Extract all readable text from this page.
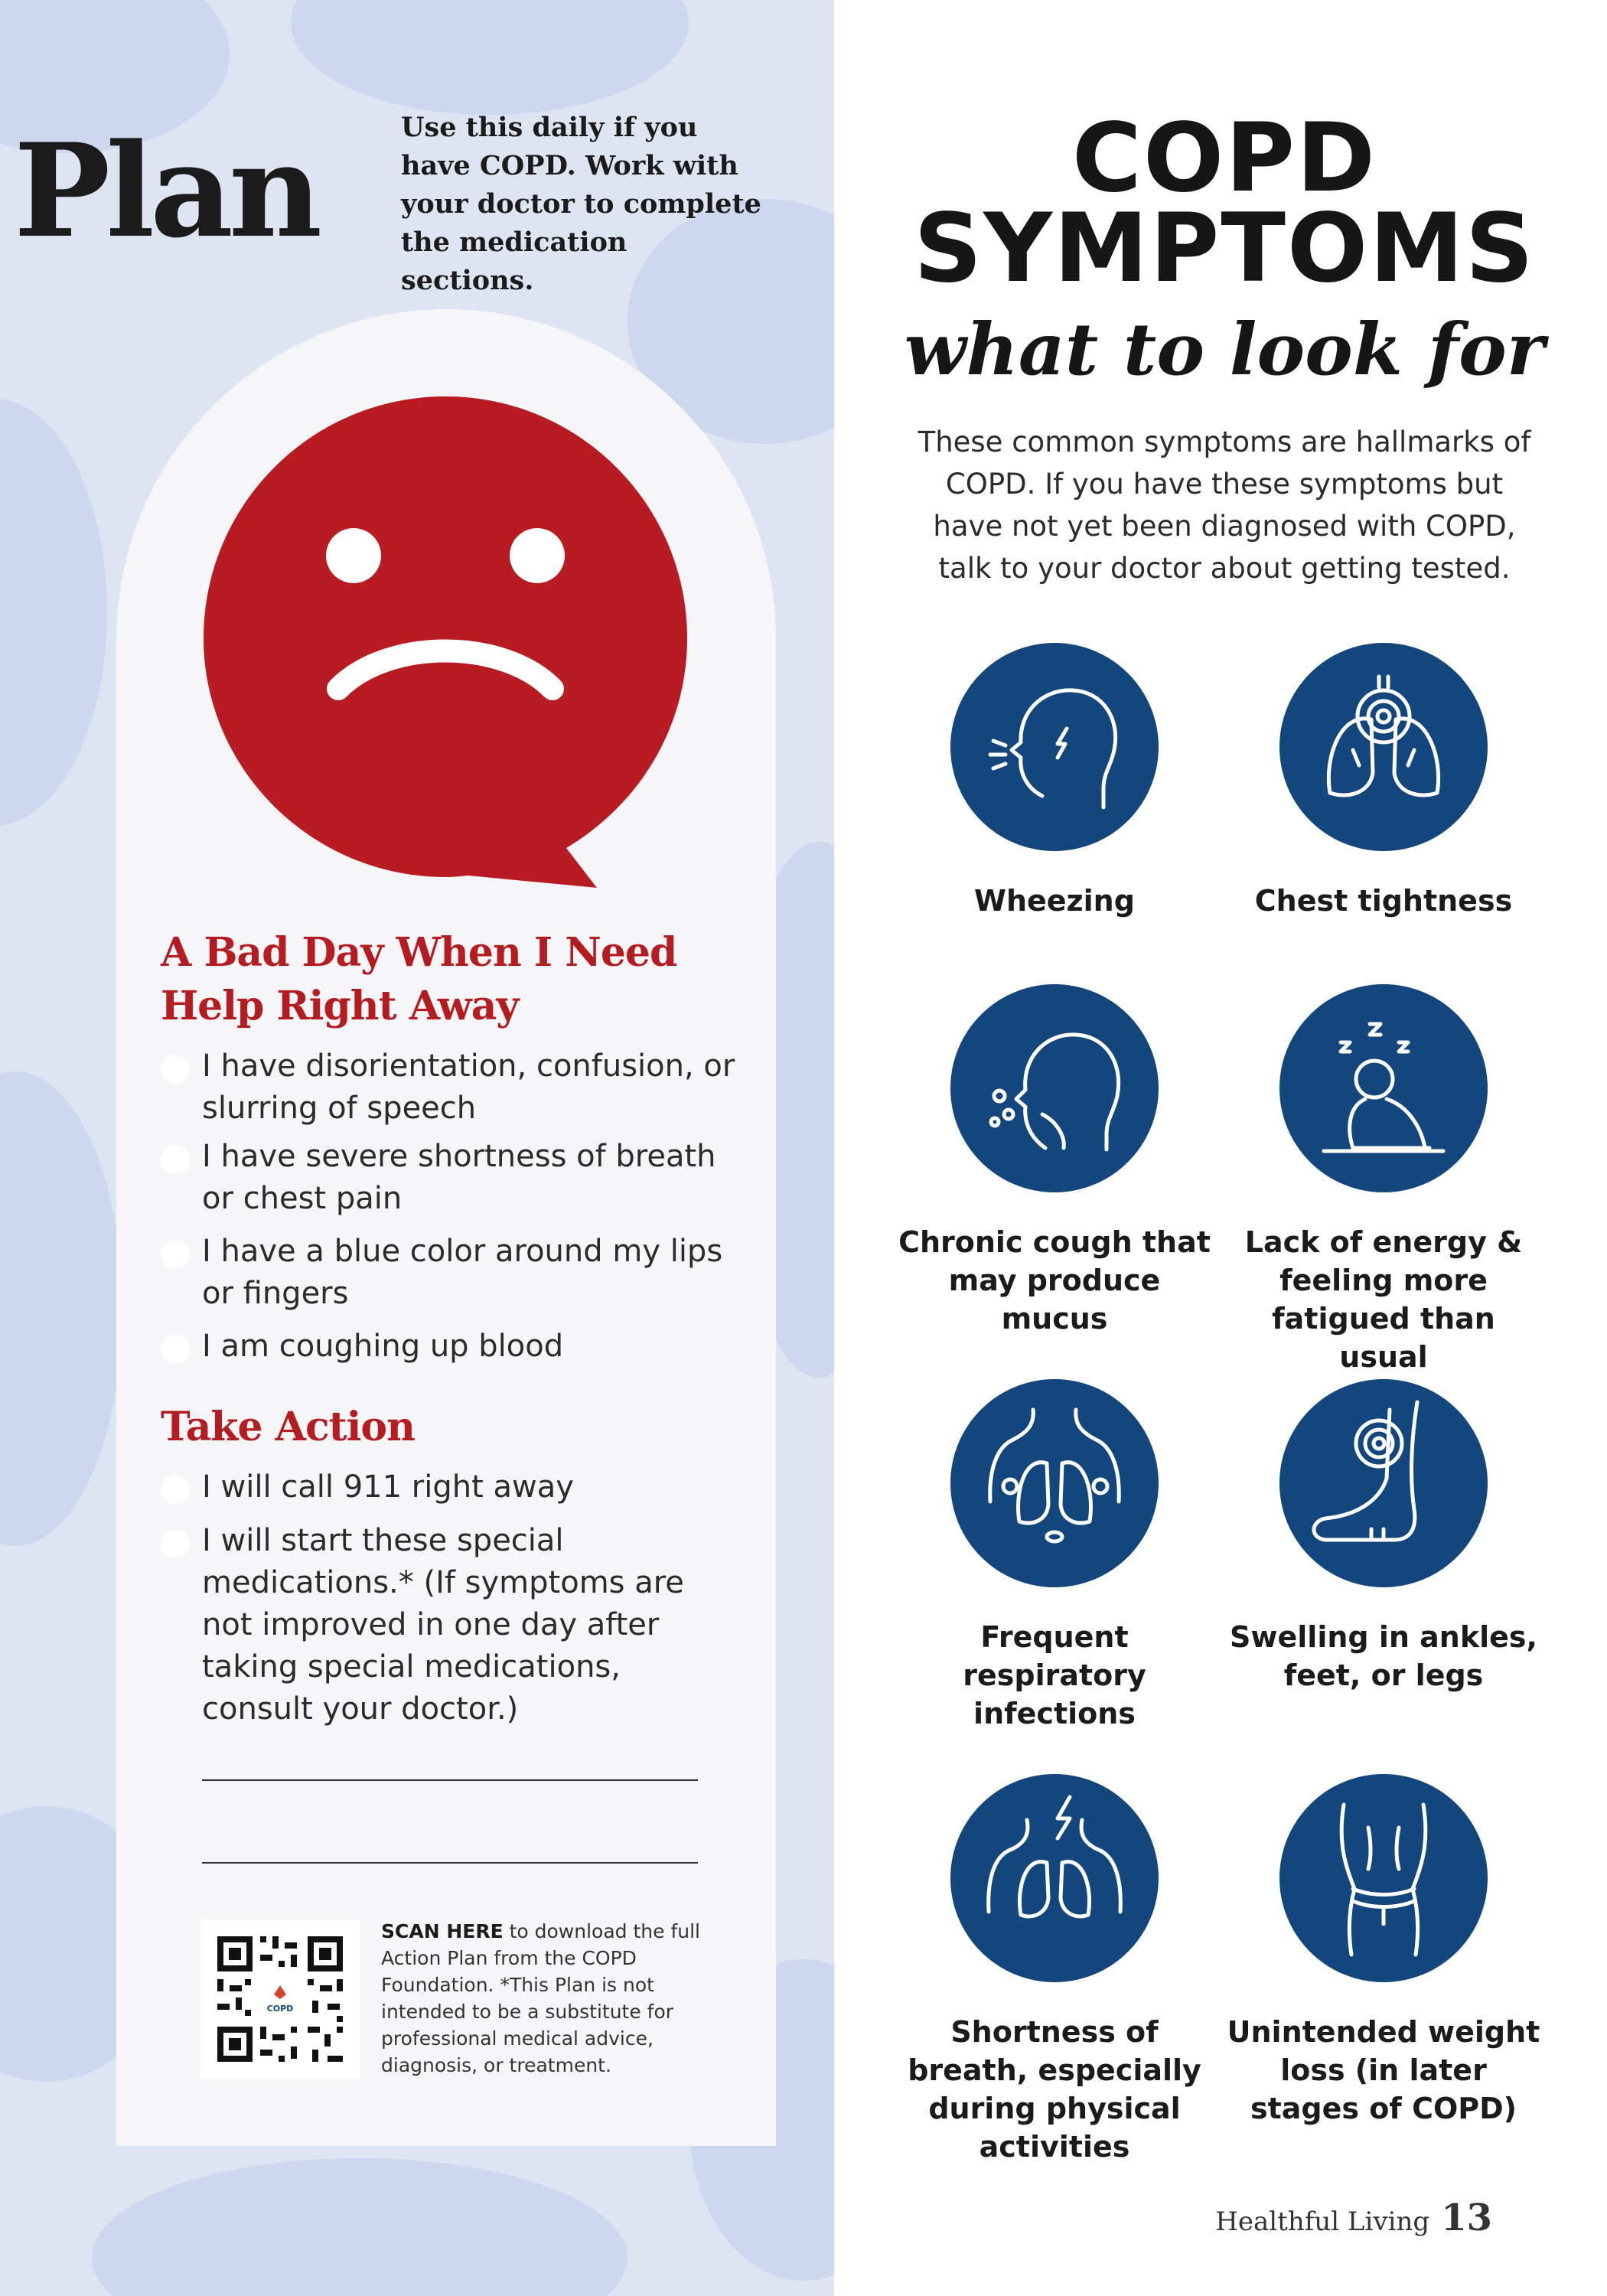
Plan	Use this daily if you have COPD. Work with your doctor to complete the medication sections.
A Bad Day When I Need
Help Right Away
I have disorientation, confusion, or slurring of speech
I have severe shortness of breath or chest pain
I have a blue color around my lips or fingers
I am coughing up blood
Take Action
I will call 911 right away
I will start these special medications.* (If symptoms are not improved in one day after taking special medications, consult your doctor.)
COPD
SCAN HERE to download the full Action Plan from the COPD Foundation. *This Plan is not intended to be a substitute for professional medical advice, diagnosis, or treatment.
COPD
SYMPTOMS
what to look for
These common symptoms are hallmarks of COPD. If you have these symptoms but have not yet been diagnosed with COPD, talk to your doctor about getting tested.
Wheezing	Chest tightness
Chronic cough that may produce mucus
Lack of energy & feeling more fatigued than usual
Frequent respiratory infections
Swelling in ankles, feet, or legs
Shortness of breath, especially during physical activities
Unintended weight loss (in later stages of COPD)
Healthful Living 13
